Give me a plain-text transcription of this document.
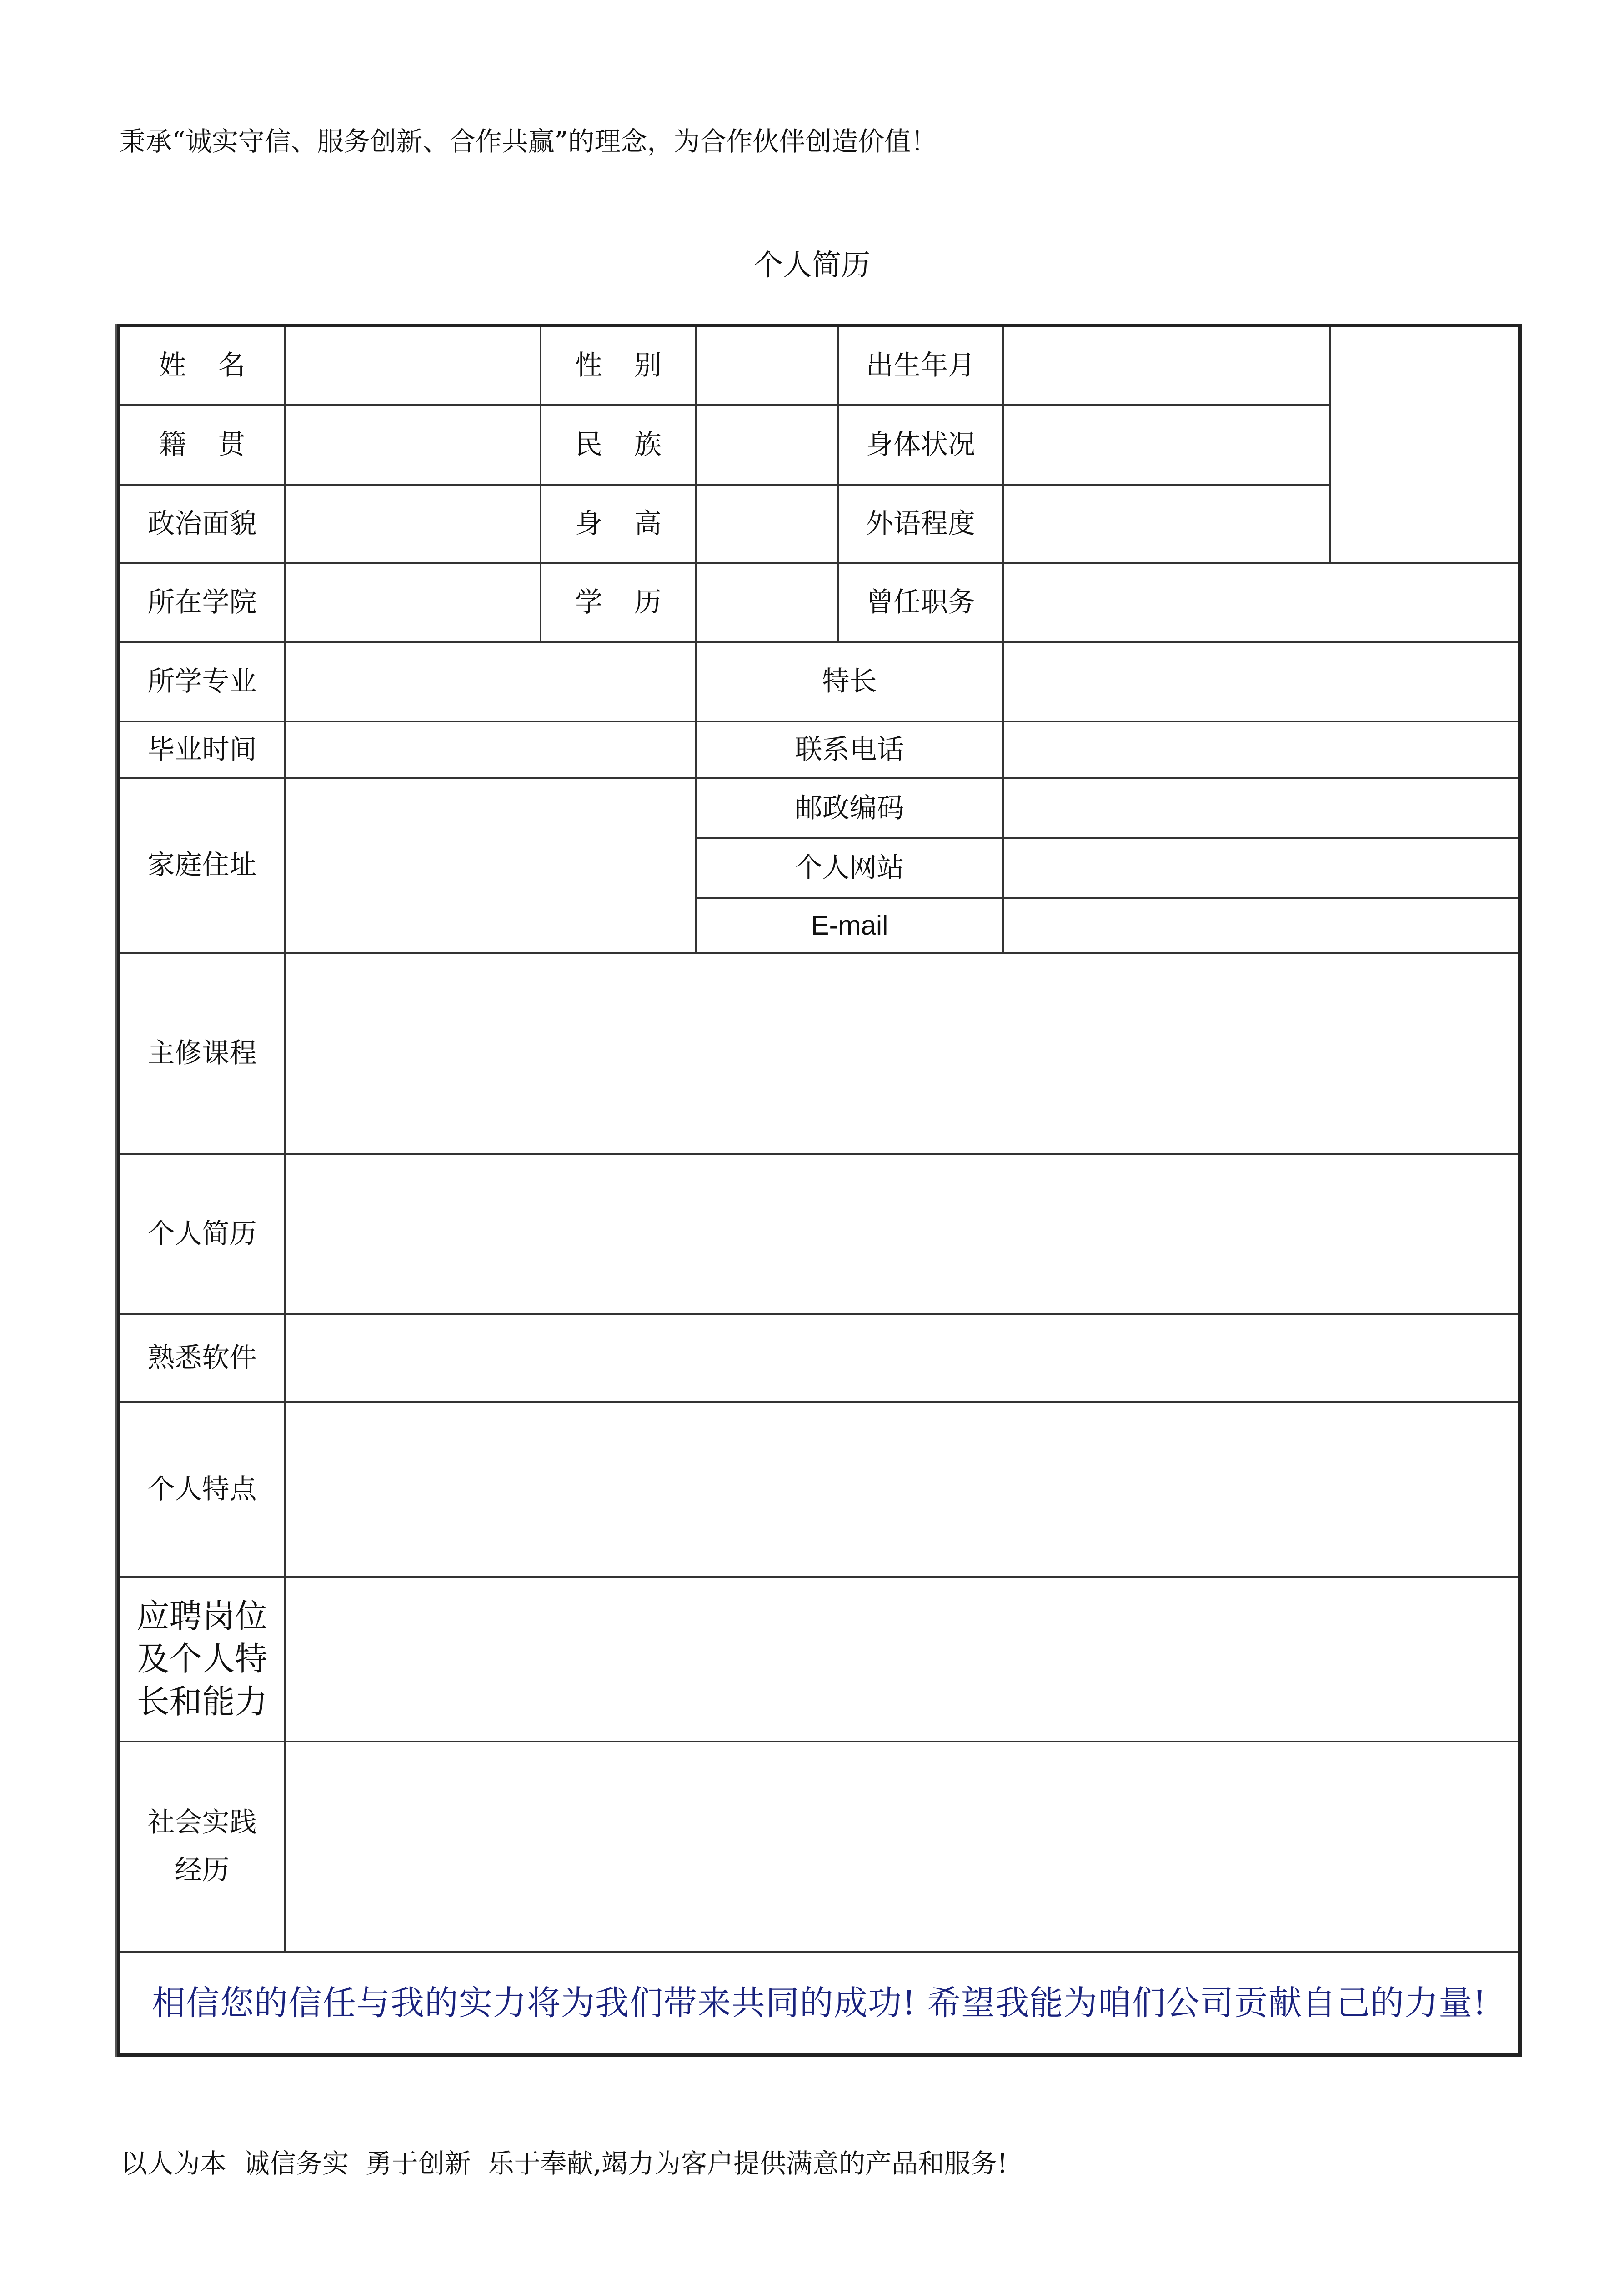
秉承“诚实守信、服务创新、合作共赢”的理念，为合作伙伴创造价值！
个人简历
姓名		性别		出生年月		
籍贯		民族		身体状况		
政治面貌		身高		外语程度		
所在学院		学历		曾任职务		
所学专业			特长			
毕业时间			联系电话			
家庭住址			邮政编码			
			个人网站			
			E-mail			
主修课程						
个人简历						
熟悉软件						
个人特点						

应聘岗位
及个人特
长和能力						

社会实践
经历						

相信您的信任与我的实力将为我们带来共同的成功! 希望我能为咱们公司贡献自己的力量!						
以人为本  诚信务实  勇于创新  乐于奉献,竭力为客户提供满意的产品和服务!
